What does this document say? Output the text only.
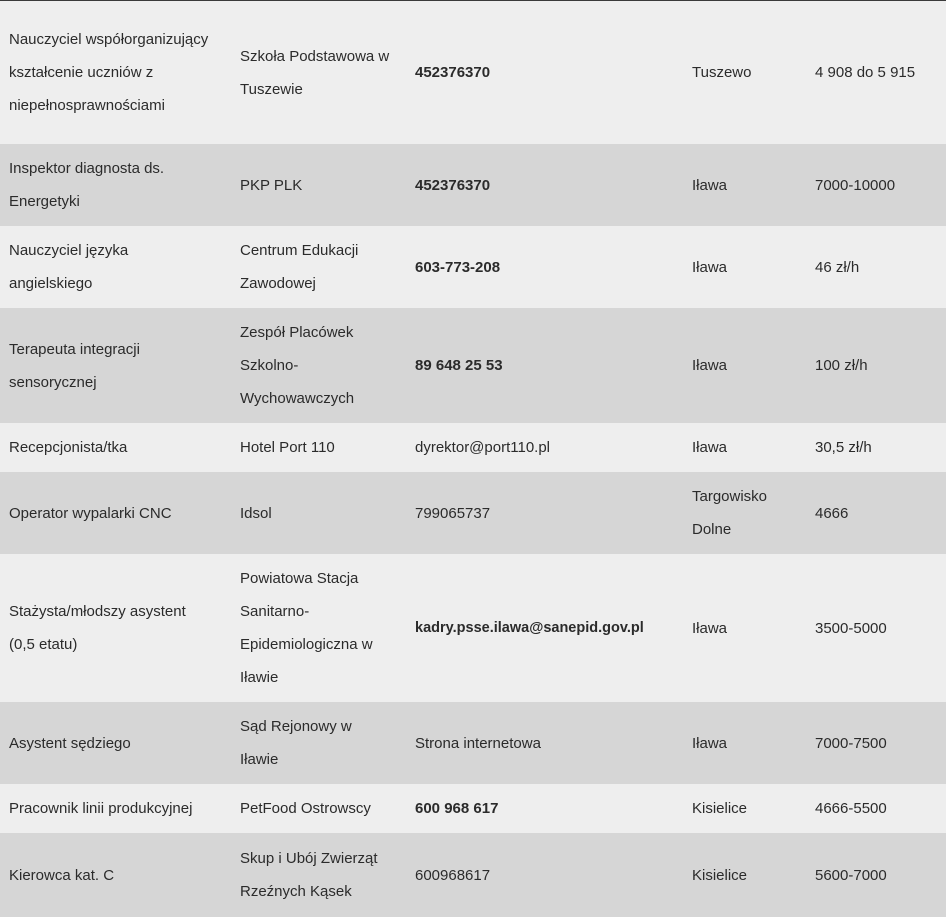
Nauczyciel współorganizujący kształcenie uczniów z niepełnosprawnościami	Szkoła Podstawowa w Tuszewie	452376370	Tuszewo	4 908 do 5 915
Inspektor diagnosta ds. Energetyki	PKP PLK	452376370	Iława	7000-10000
Nauczyciel języka angielskiego	Centrum Edukacji Zawodowej	603-773-208	Iława	46 zł/h
Terapeuta integracji sensorycznej	Zespół Placówek Szkolno-Wychowawczych	89 648 25 53	Iława	100 zł/h
Recepcjonista/tka	Hotel Port 110	dyrektor@port110.pl	Iława	30,5 zł/h
Operator wypalarki CNC	Idsol	799065737	Targowisko Dolne	4666
Stażysta/młodszy asystent (0,5 etatu)	Powiatowa Stacja Sanitarno-Epidemiologiczna w Iławie	kadry.psse.ilawa@sanepid.gov.pl	Iława	3500-5000
Asystent sędziego	Sąd Rejonowy w Iławie	Strona internetowa	Iława	7000-7500
Pracownik linii produkcyjnej	PetFood Ostrowscy	600 968 617	Kisielice	4666-5500
Kierowca kat. C	Skup i Ubój Zwierząt Rzeźnych Kąsek	600968617	Kisielice	5600-7000
